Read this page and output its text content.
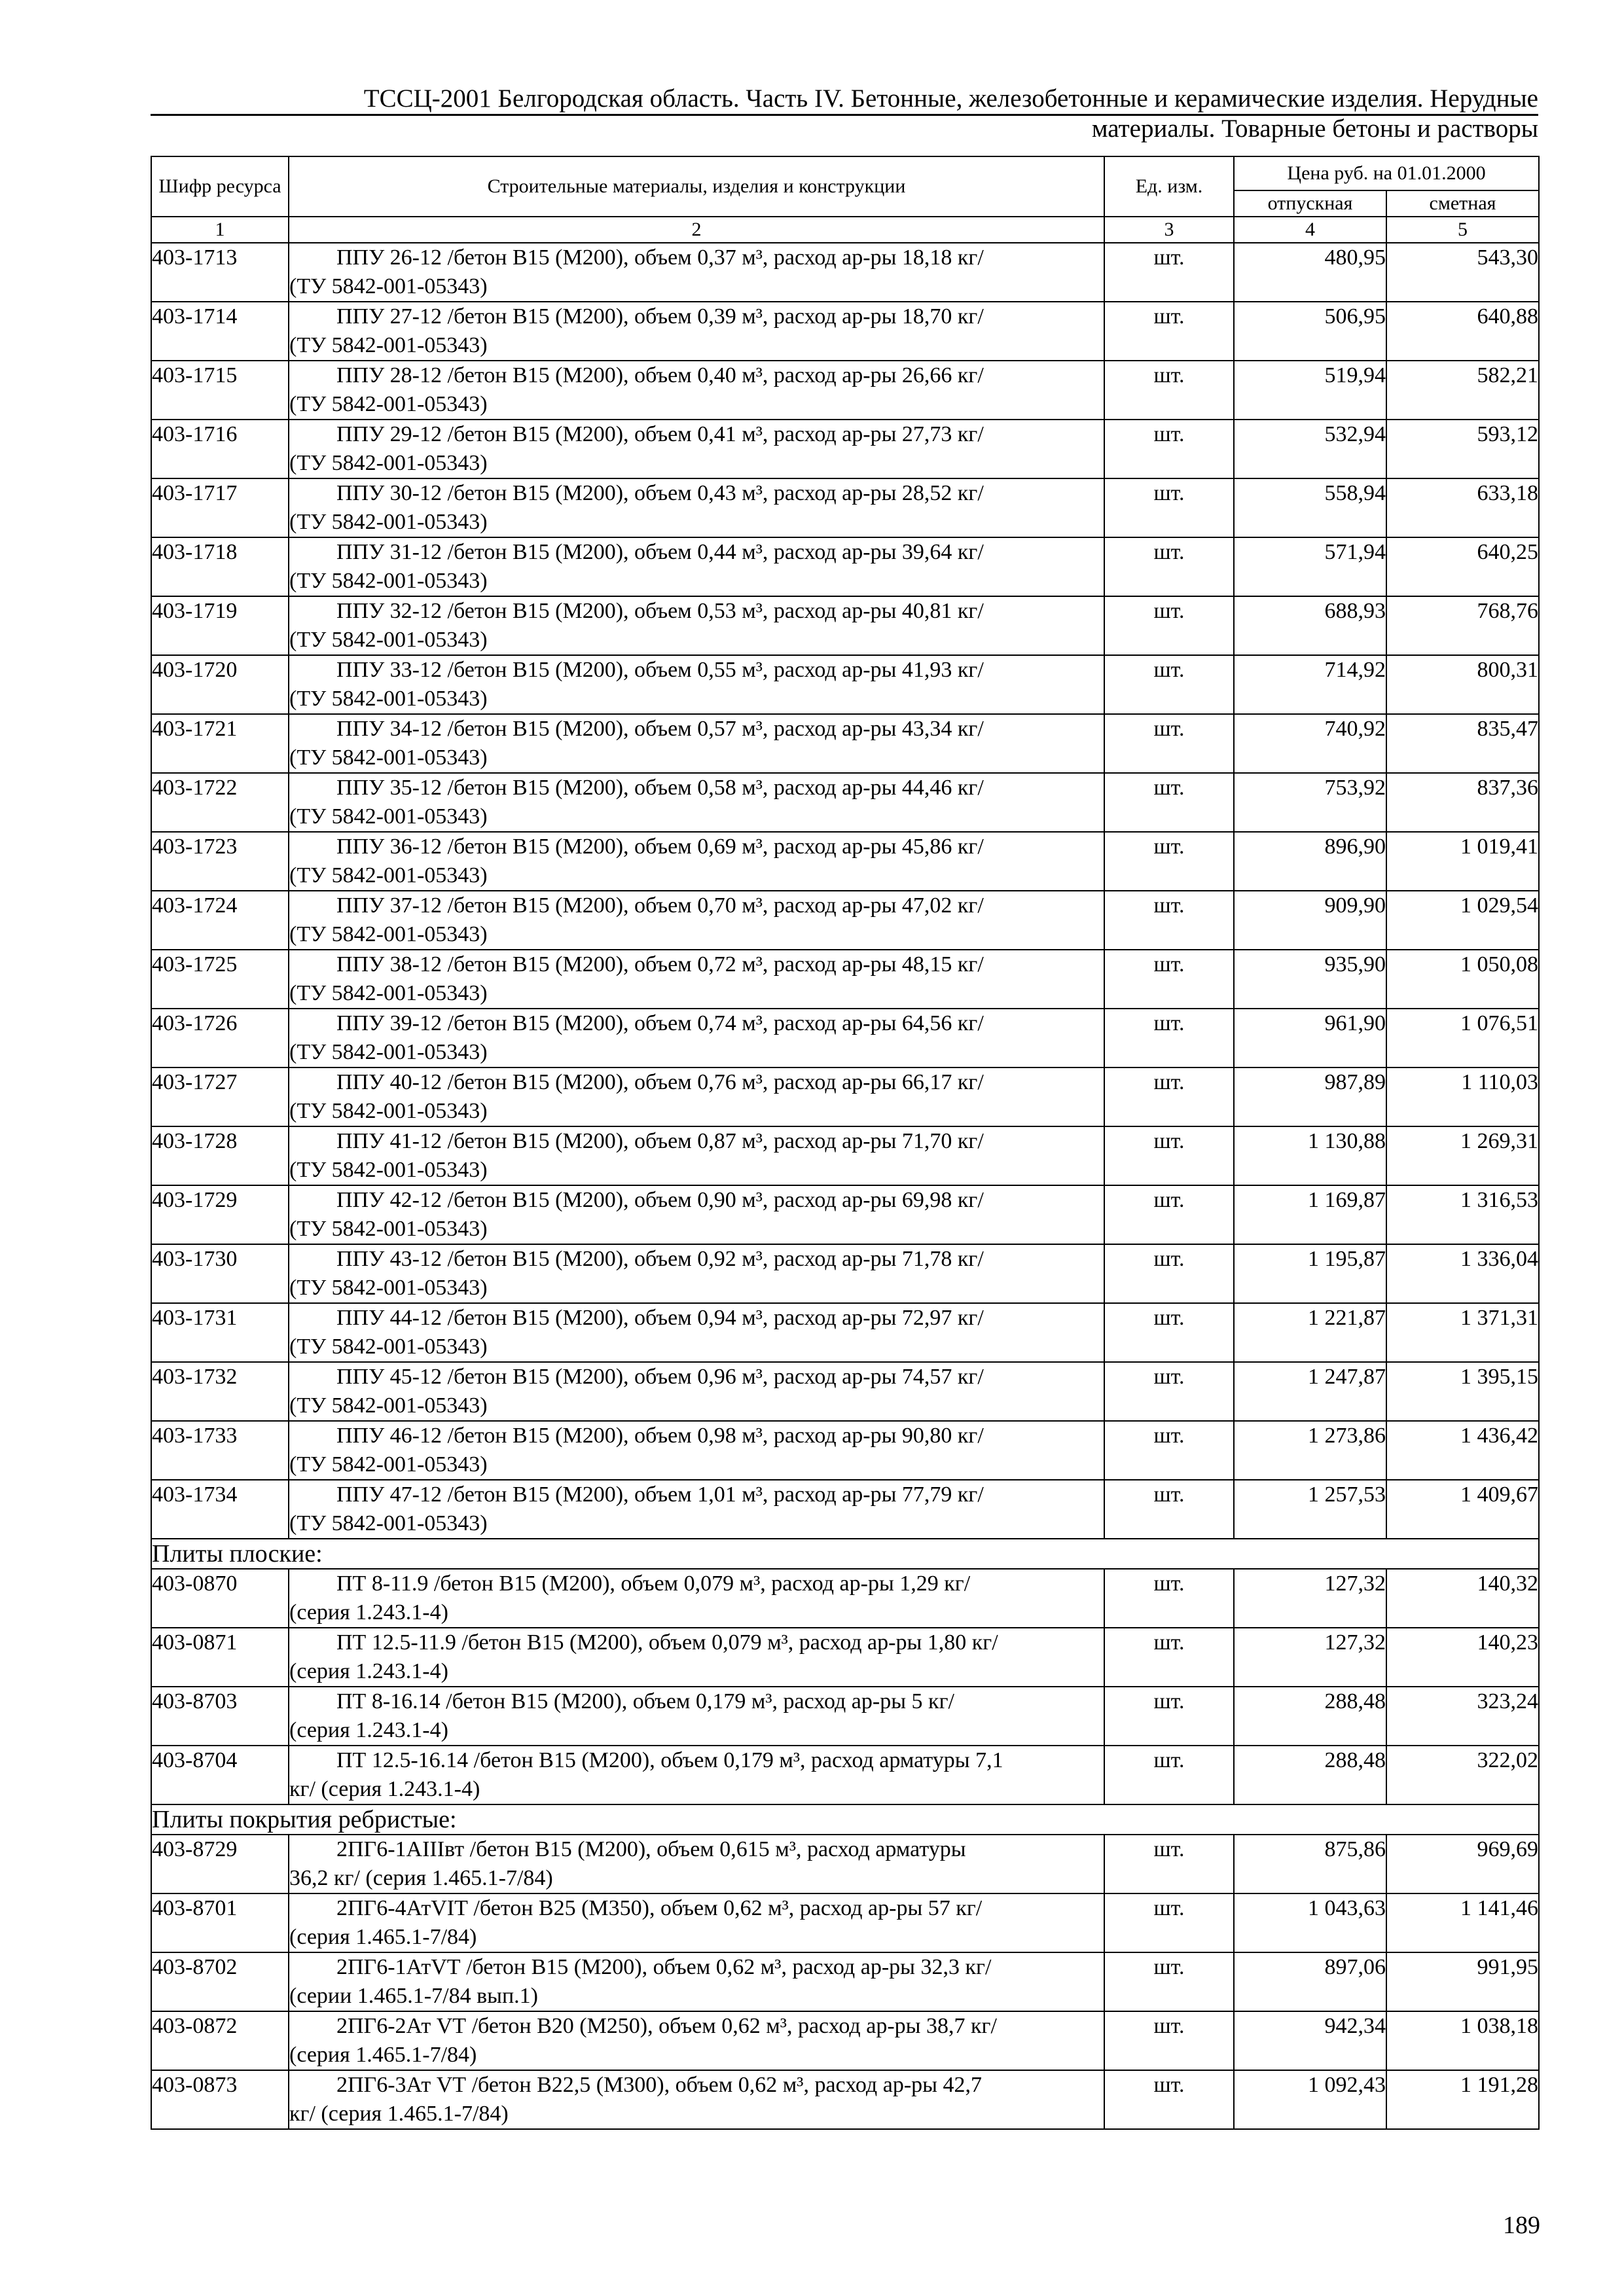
ТССЦ-2001 Белгородская область. Часть IV. Бетонные, железобетонные и керамические изделия. Нерудные
материалы. Товарные бетоны и растворы
Шифр ресурса	Строительные материалы, изделия и конструкции	Ед. изм.	Цена руб. на 01.01.2000	
			отпускная	сметная
1	2	3	4	5
403-1713	ППУ 26-12 /бетон В15 (М200), объем 0,37 м³, расход ар-ры 18,18 кг/
(ТУ 5842-001-05343)	шт.	480,95	543,30
403-1714	ППУ 27-12 /бетон В15 (М200), объем 0,39 м³, расход ар-ры 18,70 кг/
(ТУ 5842-001-05343)	шт.	506,95	640,88
403-1715	ППУ 28-12 /бетон В15 (М200), объем 0,40 м³, расход ар-ры 26,66 кг/
(ТУ 5842-001-05343)	шт.	519,94	582,21
403-1716	ППУ 29-12 /бетон В15 (М200), объем 0,41 м³, расход ар-ры 27,73 кг/
(ТУ 5842-001-05343)	шт.	532,94	593,12
403-1717	ППУ 30-12 /бетон В15 (М200), объем 0,43 м³, расход ар-ры 28,52 кг/
(ТУ 5842-001-05343)	шт.	558,94	633,18
403-1718	ППУ 31-12 /бетон В15 (М200), объем 0,44 м³, расход ар-ры 39,64 кг/
(ТУ 5842-001-05343)	шт.	571,94	640,25
403-1719	ППУ 32-12 /бетон В15 (М200), объем 0,53 м³, расход ар-ры 40,81 кг/
(ТУ 5842-001-05343)	шт.	688,93	768,76
403-1720	ППУ 33-12 /бетон В15 (М200), объем 0,55 м³, расход ар-ры 41,93 кг/
(ТУ 5842-001-05343)	шт.	714,92	800,31
403-1721	ППУ 34-12 /бетон В15 (М200), объем 0,57 м³, расход ар-ры 43,34 кг/
(ТУ 5842-001-05343)	шт.	740,92	835,47
403-1722	ППУ 35-12 /бетон В15 (М200), объем 0,58 м³, расход ар-ры 44,46 кг/
(ТУ 5842-001-05343)	шт.	753,92	837,36
403-1723	ППУ 36-12 /бетон В15 (М200), объем 0,69 м³, расход ар-ры 45,86 кг/
(ТУ 5842-001-05343)	шт.	896,90	1 019,41
403-1724	ППУ 37-12 /бетон В15 (М200), объем 0,70 м³, расход ар-ры 47,02 кг/
(ТУ 5842-001-05343)	шт.	909,90	1 029,54
403-1725	ППУ 38-12 /бетон В15 (М200), объем 0,72 м³, расход ар-ры 48,15 кг/
(ТУ 5842-001-05343)	шт.	935,90	1 050,08
403-1726	ППУ 39-12 /бетон В15 (М200), объем 0,74 м³, расход ар-ры 64,56 кг/
(ТУ 5842-001-05343)	шт.	961,90	1 076,51
403-1727	ППУ 40-12 /бетон В15 (М200), объем 0,76 м³, расход ар-ры 66,17 кг/
(ТУ 5842-001-05343)	шт.	987,89	1 110,03
403-1728	ППУ 41-12 /бетон В15 (М200), объем 0,87 м³, расход ар-ры 71,70 кг/
(ТУ 5842-001-05343)	шт.	1 130,88	1 269,31
403-1729	ППУ 42-12 /бетон В15 (М200), объем 0,90 м³, расход ар-ры 69,98 кг/
(ТУ 5842-001-05343)	шт.	1 169,87	1 316,53
403-1730	ППУ 43-12 /бетон В15 (М200), объем 0,92 м³, расход ар-ры 71,78 кг/
(ТУ 5842-001-05343)	шт.	1 195,87	1 336,04
403-1731	ППУ 44-12 /бетон В15 (М200), объем 0,94 м³, расход ар-ры 72,97 кг/
(ТУ 5842-001-05343)	шт.	1 221,87	1 371,31
403-1732	ППУ 45-12 /бетон В15 (М200), объем 0,96 м³, расход ар-ры 74,57 кг/
(ТУ 5842-001-05343)	шт.	1 247,87	1 395,15
403-1733	ППУ 46-12 /бетон В15 (М200), объем 0,98 м³, расход ар-ры 90,80 кг/
(ТУ 5842-001-05343)	шт.	1 273,86	1 436,42
403-1734	ППУ 47-12 /бетон В15 (М200), объем 1,01 м³, расход ар-ры 77,79 кг/
(ТУ 5842-001-05343)	шт.	1 257,53	1 409,67
Плиты плоские:				
403-0870	ПТ 8-11.9 /бетон В15 (М200), объем 0,079 м³, расход ар-ры 1,29 кг/
(серия 1.243.1-4)	шт.	127,32	140,32
403-0871	ПТ 12.5-11.9 /бетон В15 (М200), объем 0,079 м³, расход ар-ры 1,80 кг/
(серия 1.243.1-4)	шт.	127,32	140,23
403-8703	ПТ 8-16.14 /бетон В15 (М200), объем 0,179 м³, расход ар-ры 5 кг/
(серия 1.243.1-4)	шт.	288,48	323,24
403-8704	ПТ 12.5-16.14 /бетон В15 (М200), объем 0,179 м³, расход арматуры 7,1
кг/ (серия 1.243.1-4)	шт.	288,48	322,02
Плиты покрытия ребристые:				
403-8729	2ПГ6-1АIIIвт /бетон В15 (М200), объем 0,615 м³, расход арматуры
36,2 кг/ (серия 1.465.1-7/84)	шт.	875,86	969,69
403-8701	2ПГ6-4АтVIТ /бетон В25 (М350), объем 0,62 м³, расход ар-ры 57 кг/
(серия 1.465.1-7/84)	шт.	1 043,63	1 141,46
403-8702	2ПГ6-1АтVТ /бетон В15 (М200), объем 0,62 м³, расход ар-ры 32,3 кг/
(серии 1.465.1-7/84 вып.1)	шт.	897,06	991,95
403-0872	2ПГ6-2Ат VТ /бетон В20 (М250), объем 0,62 м³, расход ар-ры 38,7 кг/
(серия 1.465.1-7/84)	шт.	942,34	1 038,18
403-0873	2ПГ6-3Ат VТ /бетон В22,5 (М300), объем 0,62 м³, расход ар-ры 42,7
кг/ (серия 1.465.1-7/84)	шт.	1 092,43	1 191,28
189
